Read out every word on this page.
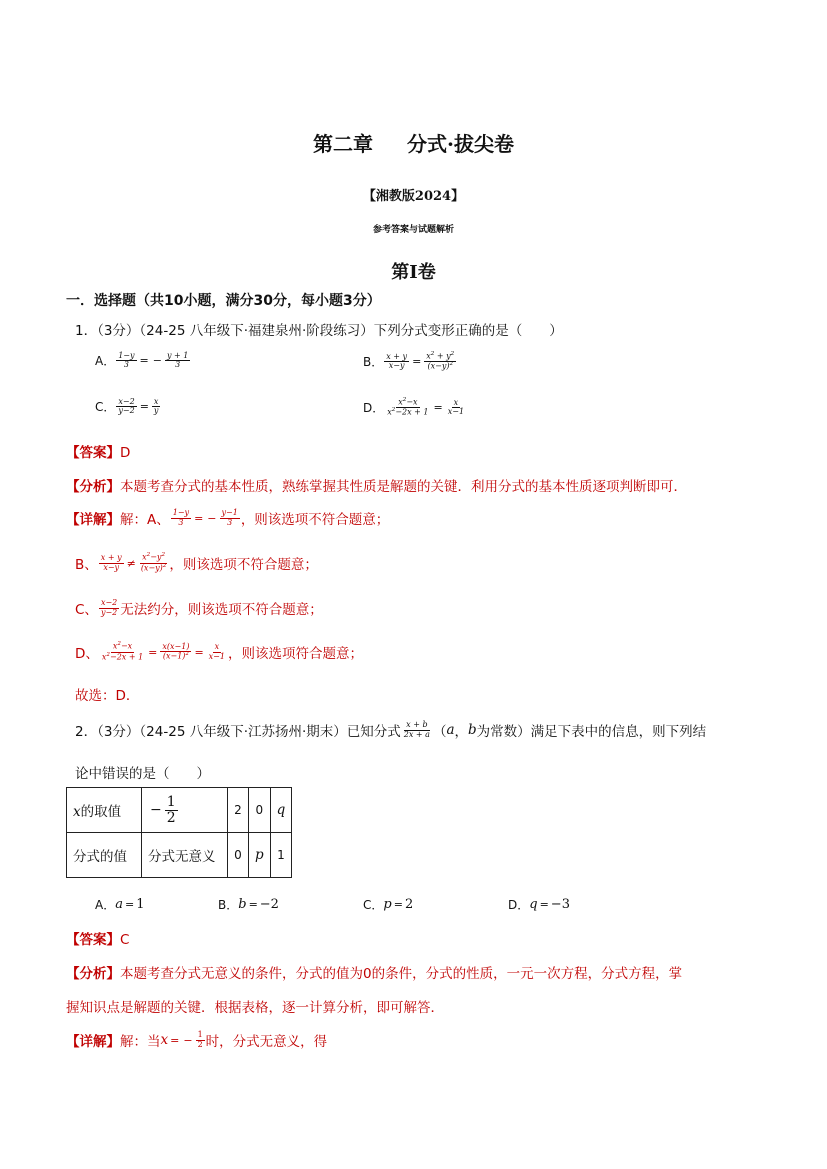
第二章 分式·拔尖卷
【湘教版2024】
参考答案与试题解析
第I卷
一．选择题（共10小题，满分30分，每小题3分）
1．（3分）（24-25 八年级下·福建泉州·阶段练习）下列分式变形正确的是（　　）
A． $\frac{1-y}{3}$ = − $\frac{y + 1}{3}$	B． $\frac{x + y}{x-y} = \frac{x^2 + y^2}{(x-y)^2}$
C． $\frac{x-2}{y-2} = \frac{x}{y}$	D． $\frac{x^2-x}{x^2-2x + 1} = \frac{x}{x-1}$
【答案】D
【分析】本题考查分式的基本性质，熟练掌握其性质是解题的关键．利用分式的基本性质逐项判断即可．
【详解】 解：A、 $\frac{1-y}{3}$ = − $\frac{y-1}{3}$ ，则该选项不符合题意；
B、 $\frac{x + y}{x-y} \ne \frac{x^2-y^2}{(x-y)^2}$ ，则该选项不符合题意；
C、 $\frac{x-2}{y-2}$ 无法约分，则该选项不符合题意；
D、 $\frac{x^2-x}{x^2-2x + 1} = \frac{x(x-1)}{(x-1)^2} = \frac{x}{x-1}$ ，则该选项符合题意；
故选：D．
2．（3分）（24-25 八年级下·江苏扬州·期末）已知分式 $\frac{x + b}{2x + a}$ （ a ， b 为常数）满足下表中的信息，则下列结
论中错误的是（　　）
x的取值	− $\frac{1}{2}$	2	0	q
分式的值	分式无意义	0	p	1
A． a = 1	B． b = −2	C． p = 2	D． q = −3
【答案】C
【分析】本题考查分式无意义的条件，分式的值为0的条件，分式的性质，一元一次方程，分式方程，掌
握知识点是解题的关键．根据表格，逐一计算分析，即可解答．
【详解】 解：当 x = − $\frac{1}{2}$ 时，分式无意义，得
